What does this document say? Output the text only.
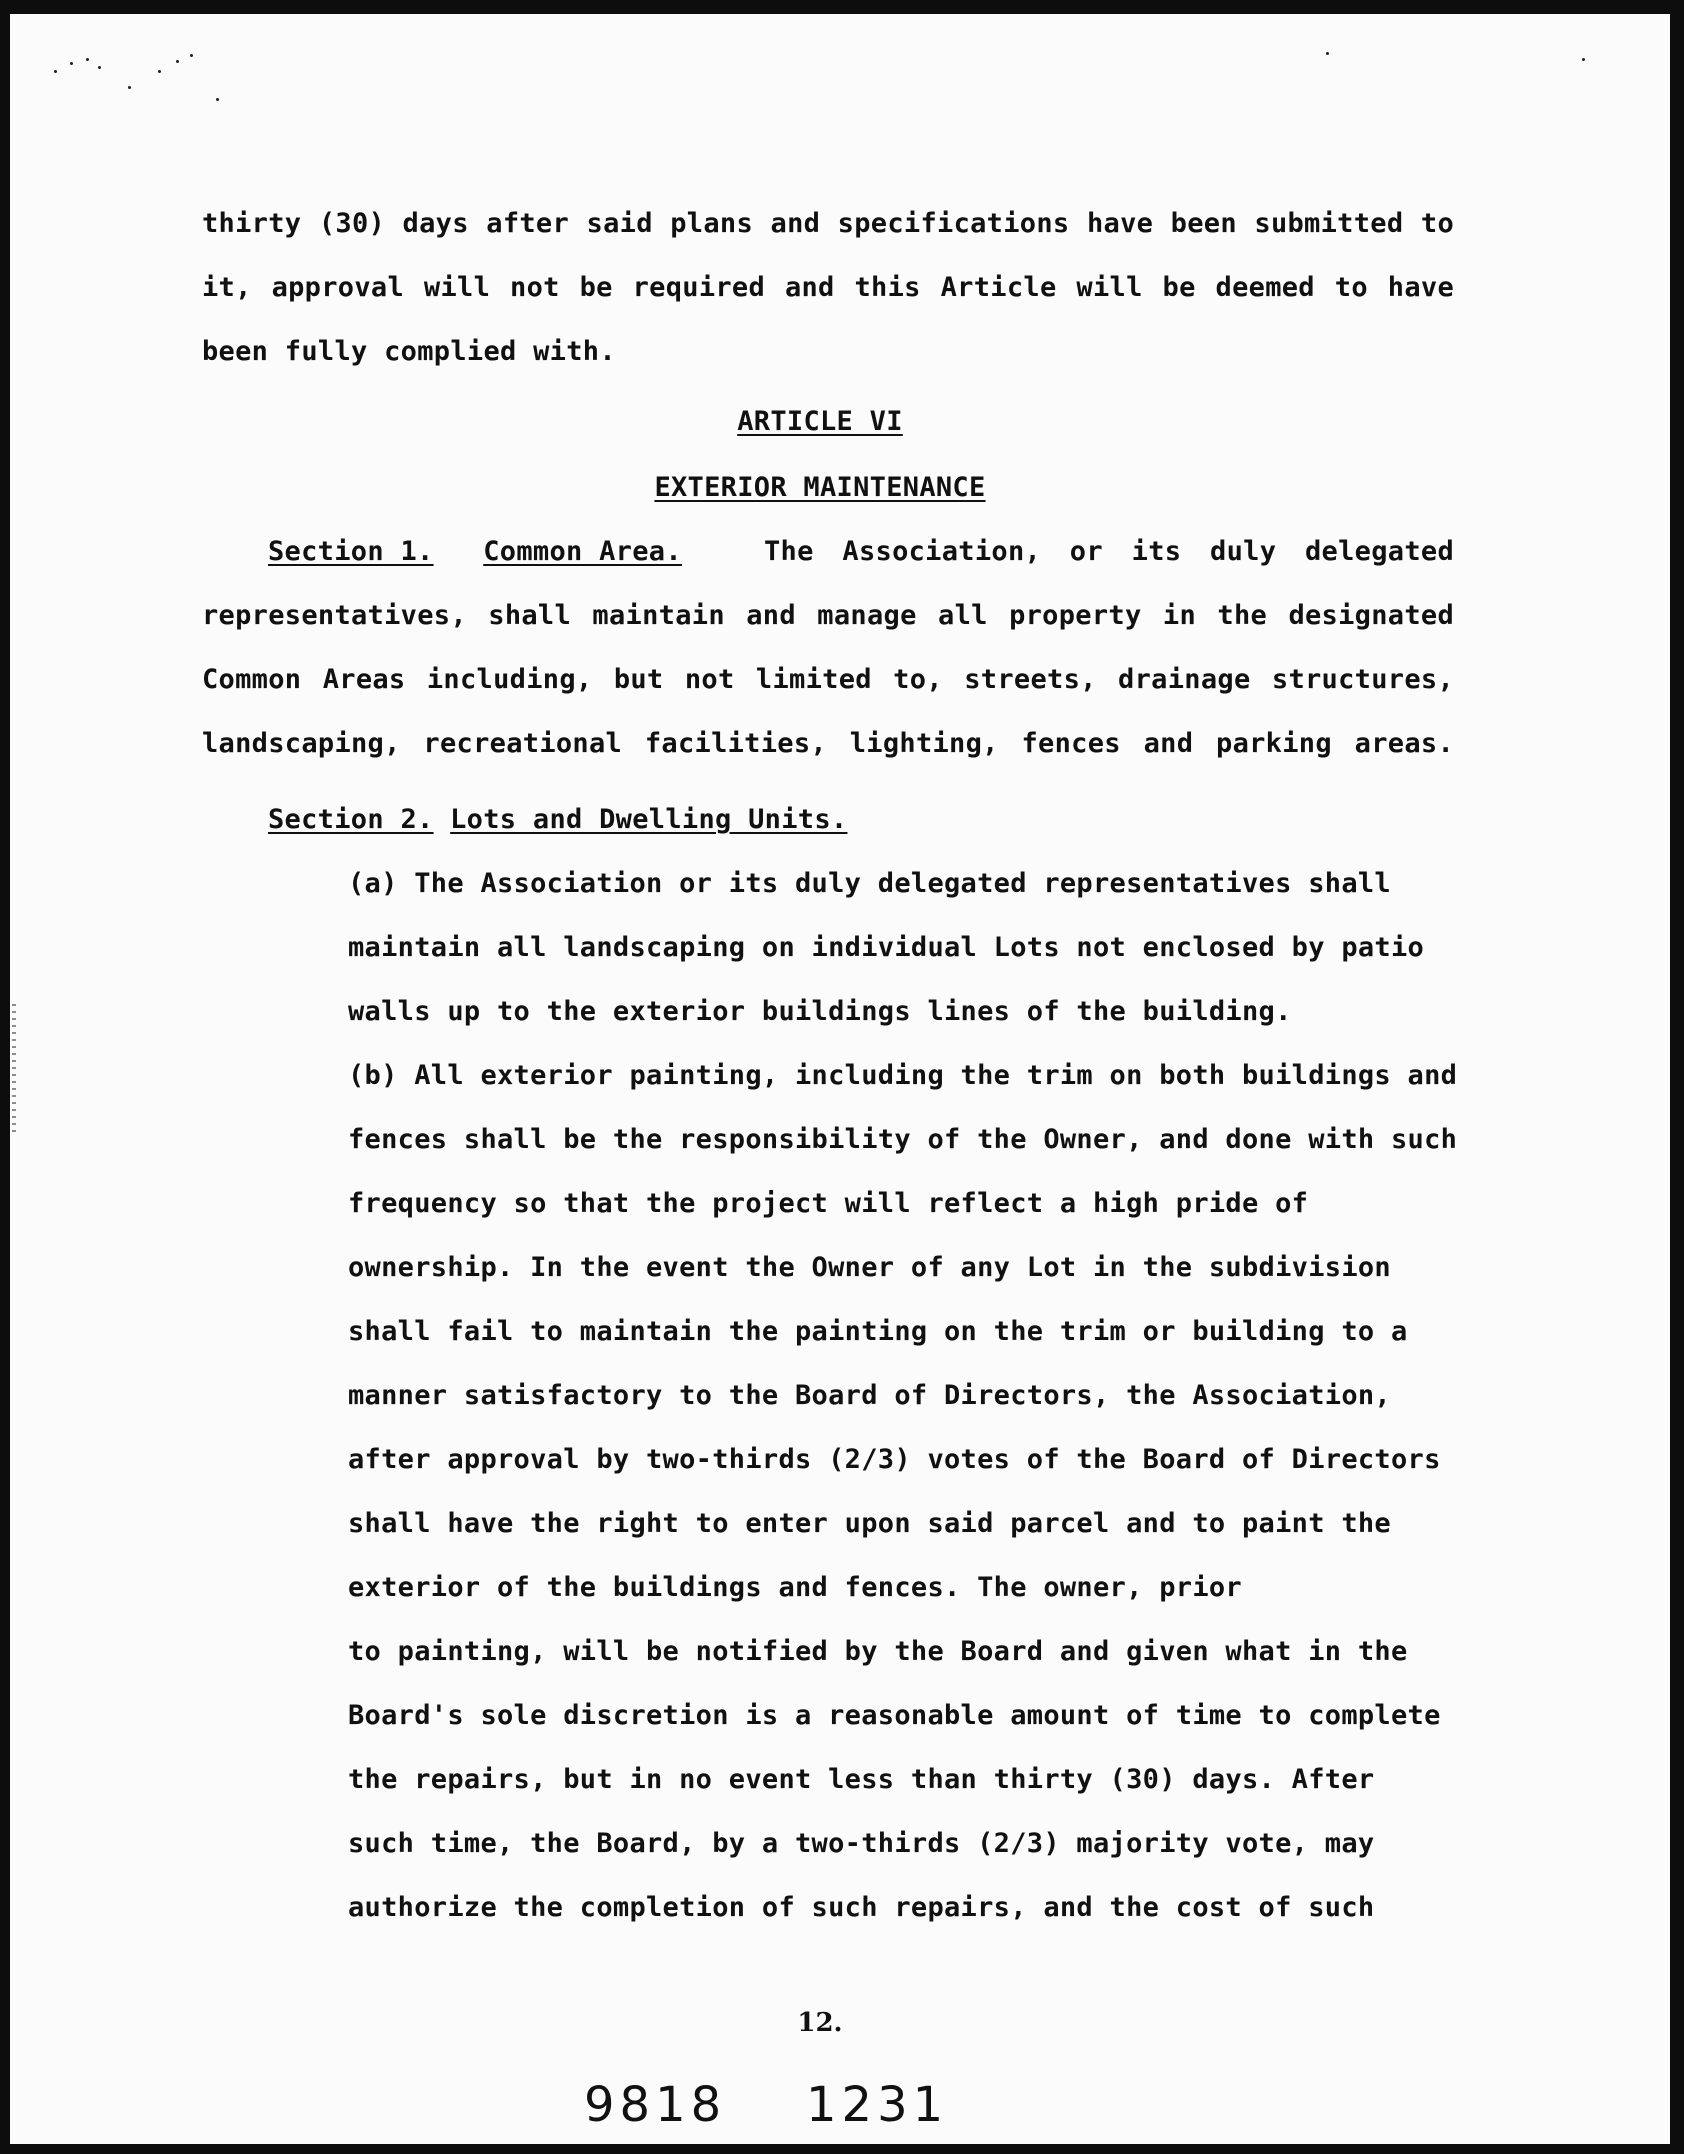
thirty (30) days after said plans and specifications have been submitted to
it, approval will not be required and this Article will be deemed to have
been fully complied with.
ARTICLE VI
EXTERIOR MAINTENANCE
Section 1. Common Area.	The Association, or its duly delegated
representatives, shall maintain and manage all property in the designated
Common Areas including, but not limited to, streets, drainage structures,
landscaping, recreational facilities, lighting, fences and parking areas.
Section 2. Lots and Dwelling Units.
(a) The Association or its duly delegated representatives shall
maintain all landscaping on individual Lots not enclosed by patio
walls up to the exterior buildings lines of the building.
(b) All exterior painting, including the trim on both buildings and
fences shall be the responsibility of the Owner, and done with such
frequency so that the project will reflect a high pride of
ownership. In the event the Owner of any Lot in the subdivision
shall fail to maintain the painting on the trim or building to a
manner satisfactory to the Board of Directors, the Association,
after approval by two-thirds (2/3) votes of the Board of Directors
shall have the right to enter upon said parcel and to paint the
exterior of the buildings and fences. The owner, prior
to painting, will be notified by the Board and given what in the
Board's sole discretion is a reasonable amount of time to complete
the repairs, but in no event less than thirty (30) days. After
such time, the Board, by a two-thirds (2/3) majority vote, may
authorize the completion of such repairs, and the cost of such
12.
9818 1231
